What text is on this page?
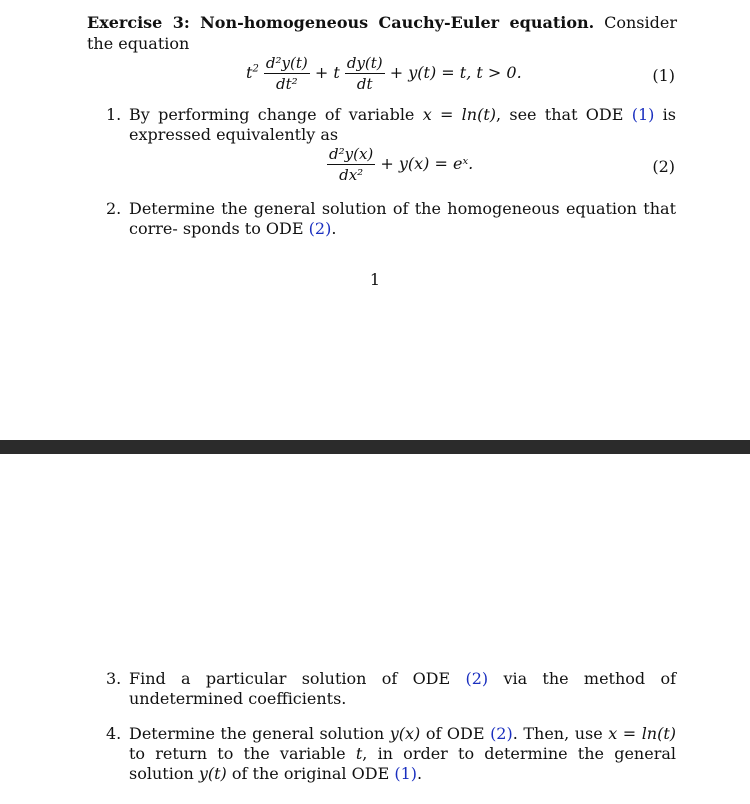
Exercise 3: Non-homogeneous Cauchy-Euler equation. Consider the equation
$t^2 \frac{\text{d²y(t)}}{\text{dt²}} + t \frac{dy(t)}{dt} + y(t) = t$, t > 0.	(1)
1. By performing change of variable x = ln(t), see that ODE (1) is expressed equivalently as
$\frac{\text{d²y(x)}}{\text{dx²}} + y(x)$ = eˣ.	(2)
2. Determine the general solution of the homogeneous equation that corre- sponds to ODE (2).
1
3. Find a particular solution of ODE (2) via the method of undetermined coefficients.
4. Determine the general solution y(x) of ODE (2). Then, use x = ln(t) to return to the variable t, in order to determine the general solution y(t) of the original ODE (1).
